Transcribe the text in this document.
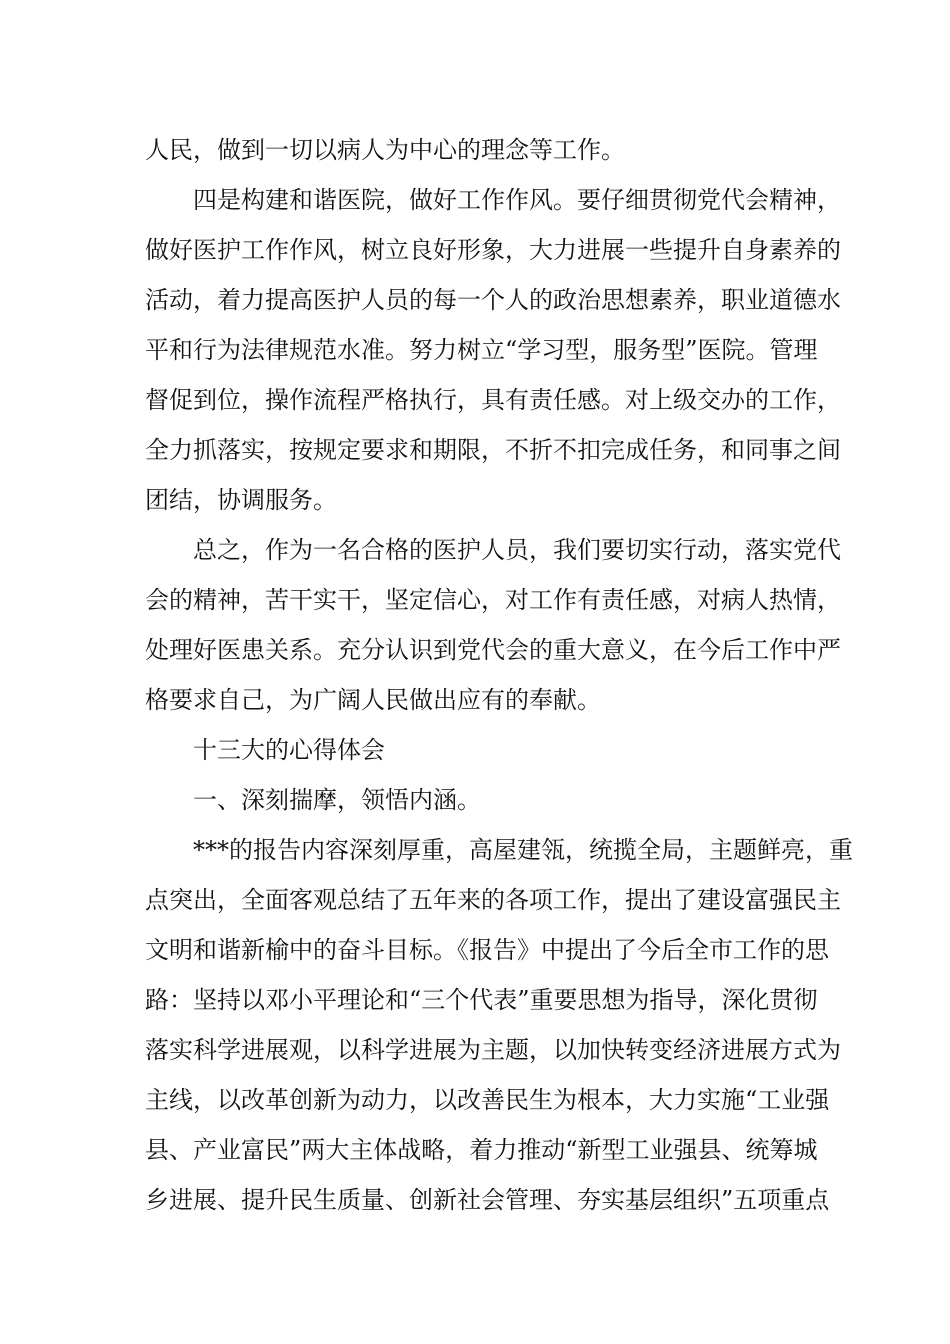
人民，做到一切以病人为中心的理念等工作。
四是构建和谐医院，做好工作作风。要仔细贯彻党代会精神，
做好医护工作作风，树立良好形象，大力进展一些提升自身素养的
活动，着力提高医护人员的每一个人的政治思想素养，职业道德水
平和行为法律规范水准。努力树立“学习型，服务型”医院。管理
督促到位，操作流程严格执行，具有责任感。对上级交办的工作，
全力抓落实，按规定要求和期限，不折不扣完成任务，和同事之间
团结，协调服务。
总之，作为一名合格的医护人员，我们要切实行动，落实党代
会的精神，苦干实干，坚定信心，对工作有责任感，对病人热情，
处理好医患关系。充分认识到党代会的重大意义，在今后工作中严
格要求自己，为广阔人民做出应有的奉献。
十三大的心得体会
一、深刻揣摩，领悟内涵。
***的报告内容深刻厚重，高屋建瓴，统揽全局，主题鲜亮，重
点突出，全面客观总结了五年来的各项工作，提出了建设富强民主
文明和谐新榆中的奋斗目标。《报告》中提出了今后全市工作的思
路：坚持以邓小平理论和“三个代表”重要思想为指导，深化贯彻
落实科学进展观，以科学进展为主题，以加快转变经济进展方式为
主线，以改革创新为动力，以改善民生为根本，大力实施“工业强
县、产业富民”两大主体战略，着力推动“新型工业强县、统筹城
乡进展、提升民生质量、创新社会管理、夯实基层组织”五项重点
